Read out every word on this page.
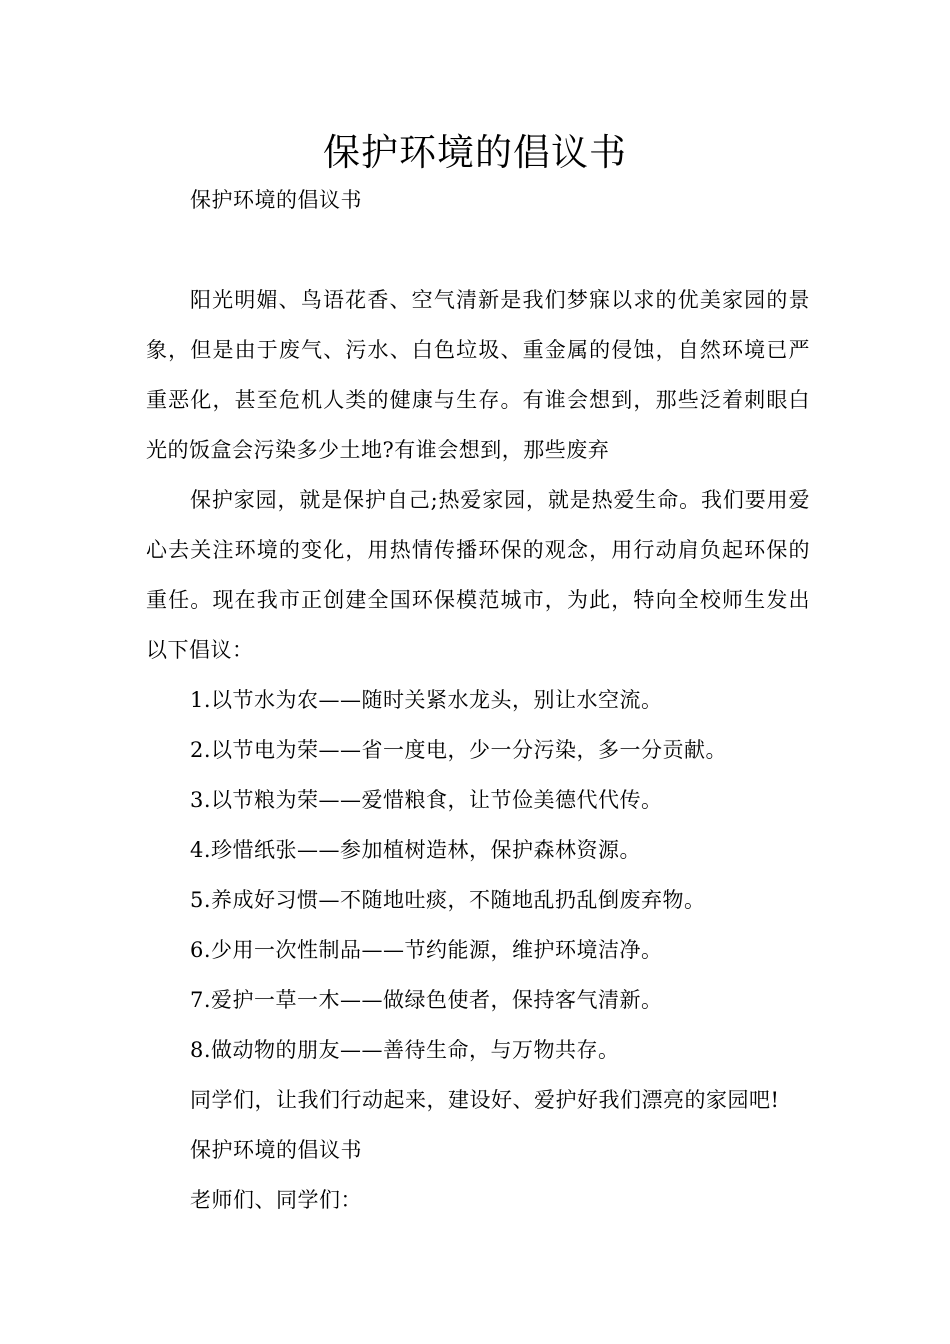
保护环境的倡议书

保护环境的倡议书

阳光明媚、鸟语花香、空气清新是我们梦寐以求的优美家园的景象，但是由于废气、污水、白色垃圾、重金属的侵蚀，自然环境已严重恶化，甚至危机人类的健康与生存。有谁会想到，那些泛着刺眼白光的饭盒会污染多少土地?有谁会想到，那些废弃

保护家园，就是保护自己;热爱家园，就是热爱生命。我们要用爱心去关注环境的变化，用热情传播环保的观念，用行动肩负起环保的重任。现在我市正创建全国环保模范城市，为此，特向全校师生发出以下倡议：

1.以节水为农——随时关紧水龙头，别让水空流。

2.以节电为荣——省一度电，少一分污染，多一分贡献。

3.以节粮为荣——爱惜粮食，让节俭美德代代传。

4.珍惜纸张——参加植树造林，保护森林资源。

5.养成好习惯—不随地吐痰，不随地乱扔乱倒废弃物。

6.少用一次性制品——节约能源，维护环境洁净。

7.爱护一草一木——做绿色使者，保持客气清新。

8.做动物的朋友——善待生命，与万物共存。

同学们，让我们行动起来，建设好、爱护好我们漂亮的家园吧!

保护环境的倡议书

老师们、同学们：
